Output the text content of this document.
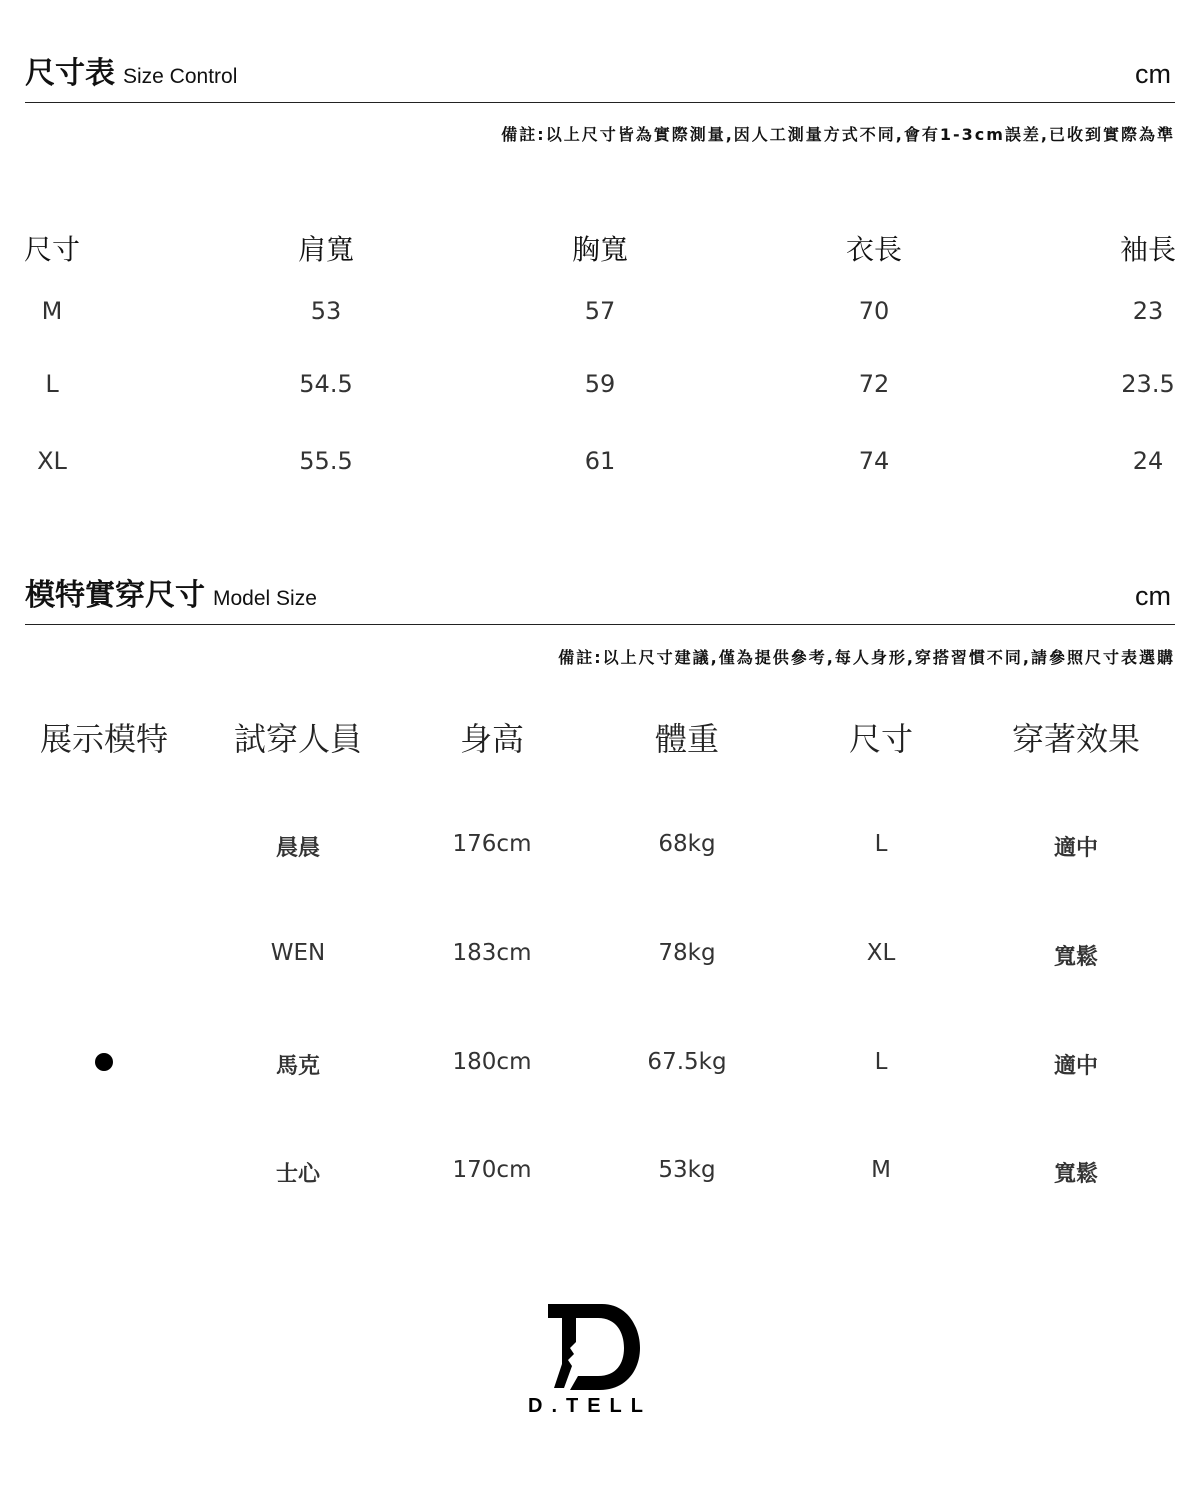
尺寸表 Size Control	cm
備註:以上尺寸皆為實際測量,因人工測量方式不同,會有1-3cm誤差,已收到實際為準
尺寸	肩寬	胸寬	衣長	袖長
M	53	57	70	23
L	54.5	59	72	23.5
XL	55.5	61	74	24
模特實穿尺寸 Model Size	cm
備註:以上尺寸建議,僅為提供參考,每人身形,穿搭習慣不同,請參照尺寸表選購
展示模特 試穿人員	身高	體重	尺寸	穿著效果
晨晨	176cm	68kg	L	適中
WEN	183cm	78kg	XL	寬鬆
馬克	180cm	67.5kg	L	適中
士心	170cm	53kg	M	寬鬆
D.TELL
